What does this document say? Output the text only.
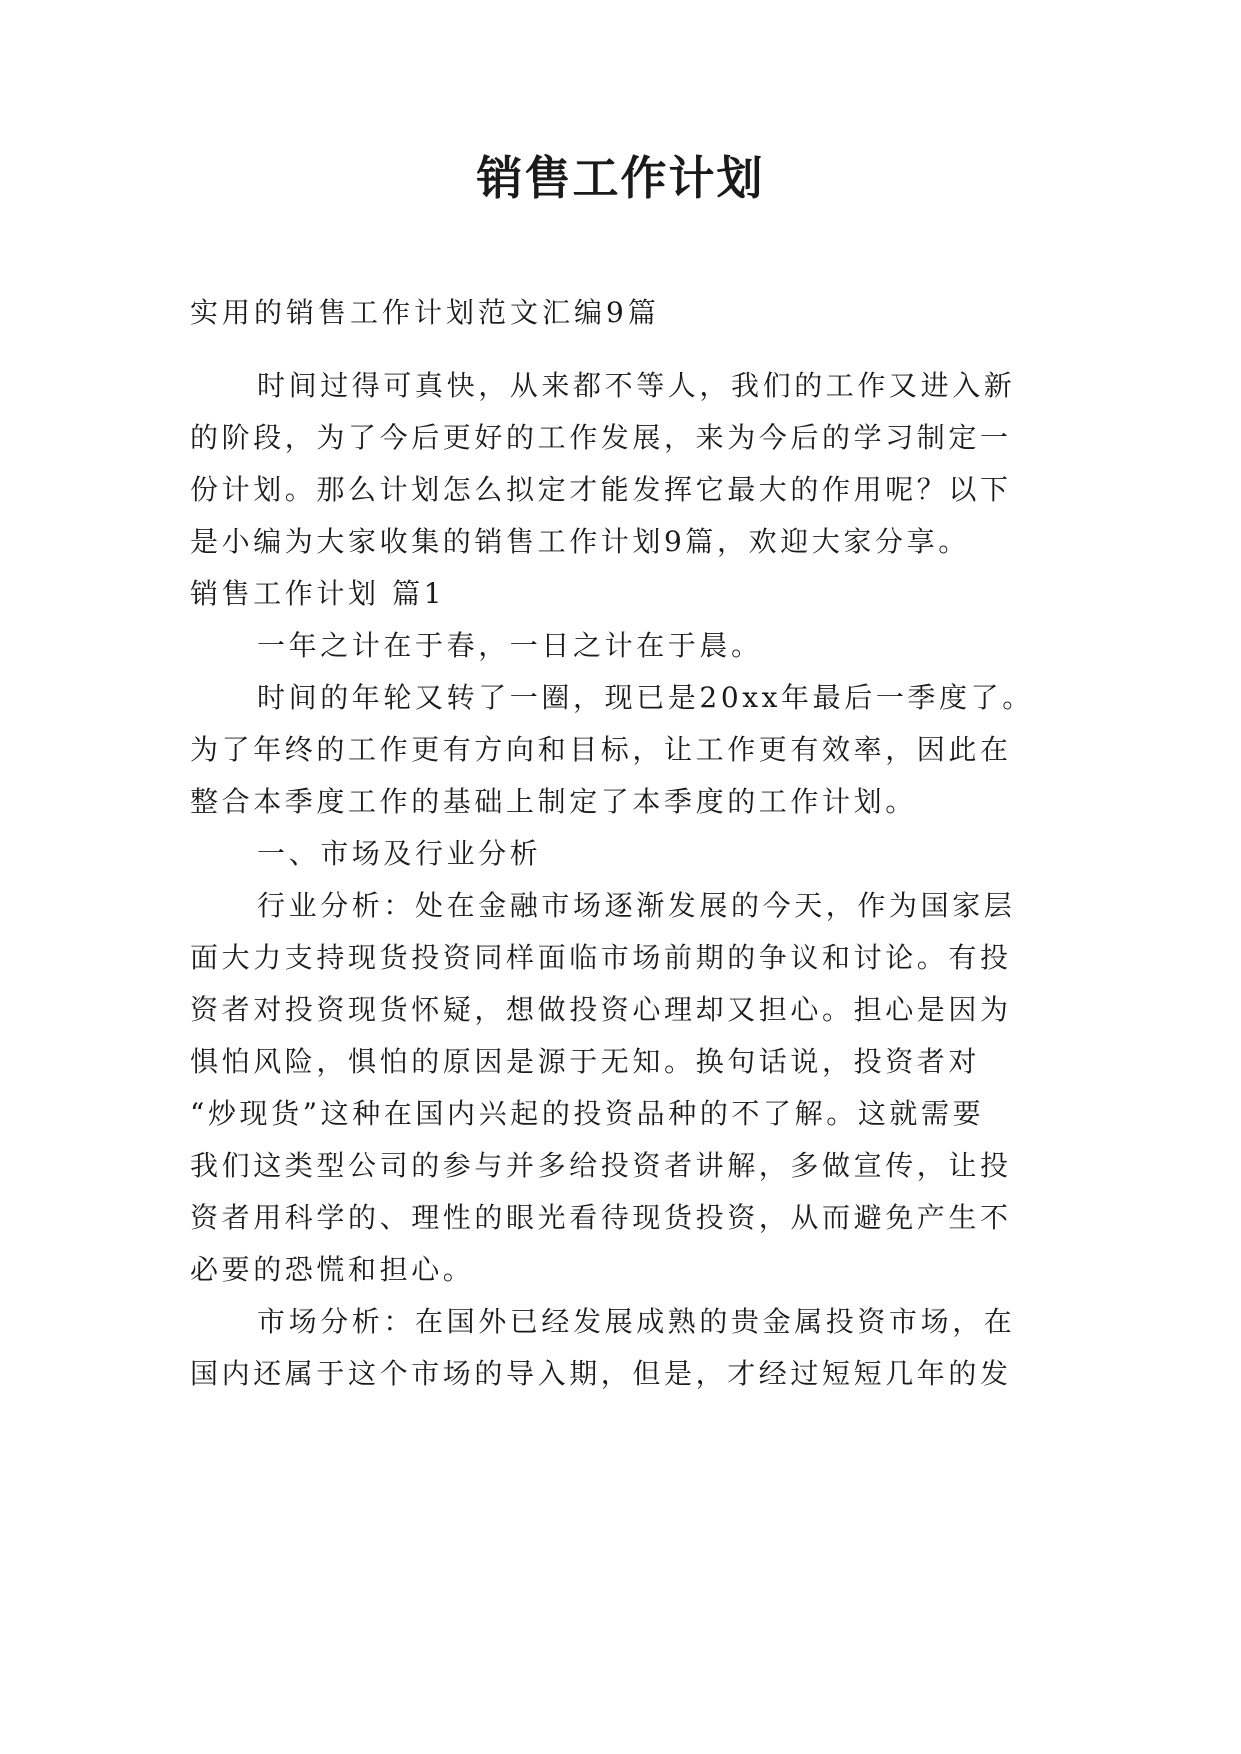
销售工作计划

实用的销售工作计划范文汇编9篇

时间过得可真快，从来都不等人，我们的工作又进入新

的阶段，为了今后更好的工作发展，来为今后的学习制定一

份计划。那么计划怎么拟定才能发挥它最大的作用呢？以下

是小编为大家收集的销售工作计划9篇，欢迎大家分享。

销售工作计划 篇1

一年之计在于春，一日之计在于晨。

时间的年轮又转了一圈，现已是20xx年最后一季度了。

为了年终的工作更有方向和目标，让工作更有效率，因此在

整合本季度工作的基础上制定了本季度的工作计划。

一、市场及行业分析

行业分析：处在金融市场逐渐发展的今天，作为国家层

面大力支持现货投资同样面临市场前期的争议和讨论。有投

资者对投资现货怀疑，想做投资心理却又担心。担心是因为

惧怕风险，惧怕的原因是源于无知。换句话说，投资者对

“炒现货”这种在国内兴起的投资品种的不了解。这就需要

我们这类型公司的参与并多给投资者讲解，多做宣传，让投

资者用科学的、理性的眼光看待现货投资，从而避免产生不

必要的恐慌和担心。

市场分析：在国外已经发展成熟的贵金属投资市场，在

国内还属于这个市场的导入期，但是，才经过短短几年的发
